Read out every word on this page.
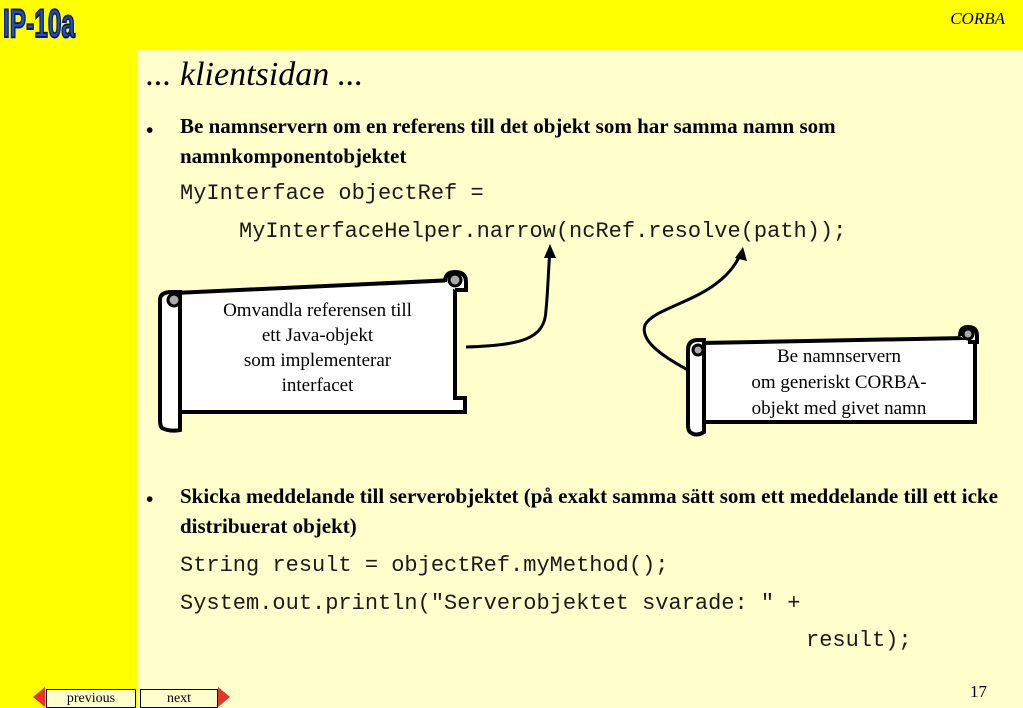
IP-10a	CORBA
... klientsidan ...
• Be namnservern om en referens till det objekt som har samma namn som namnkomponentobjektet
MyInterface objectRef =
MyInterfaceHelper.narrow(ncRef.resolve(path));
Omvandla referensen till
ett Java-objekt
som implementerar
interfacet
Be namnservern
om generiskt CORBA-
objekt med givet namn
• Skicka meddelande till serverobjektet (på exakt samma sätt som ett meddelande till ett icke distribuerat objekt)
String result = objectRef.myMethod();
System.out.println("Serverobjektet svarade: " +
result);
previous	next	17
